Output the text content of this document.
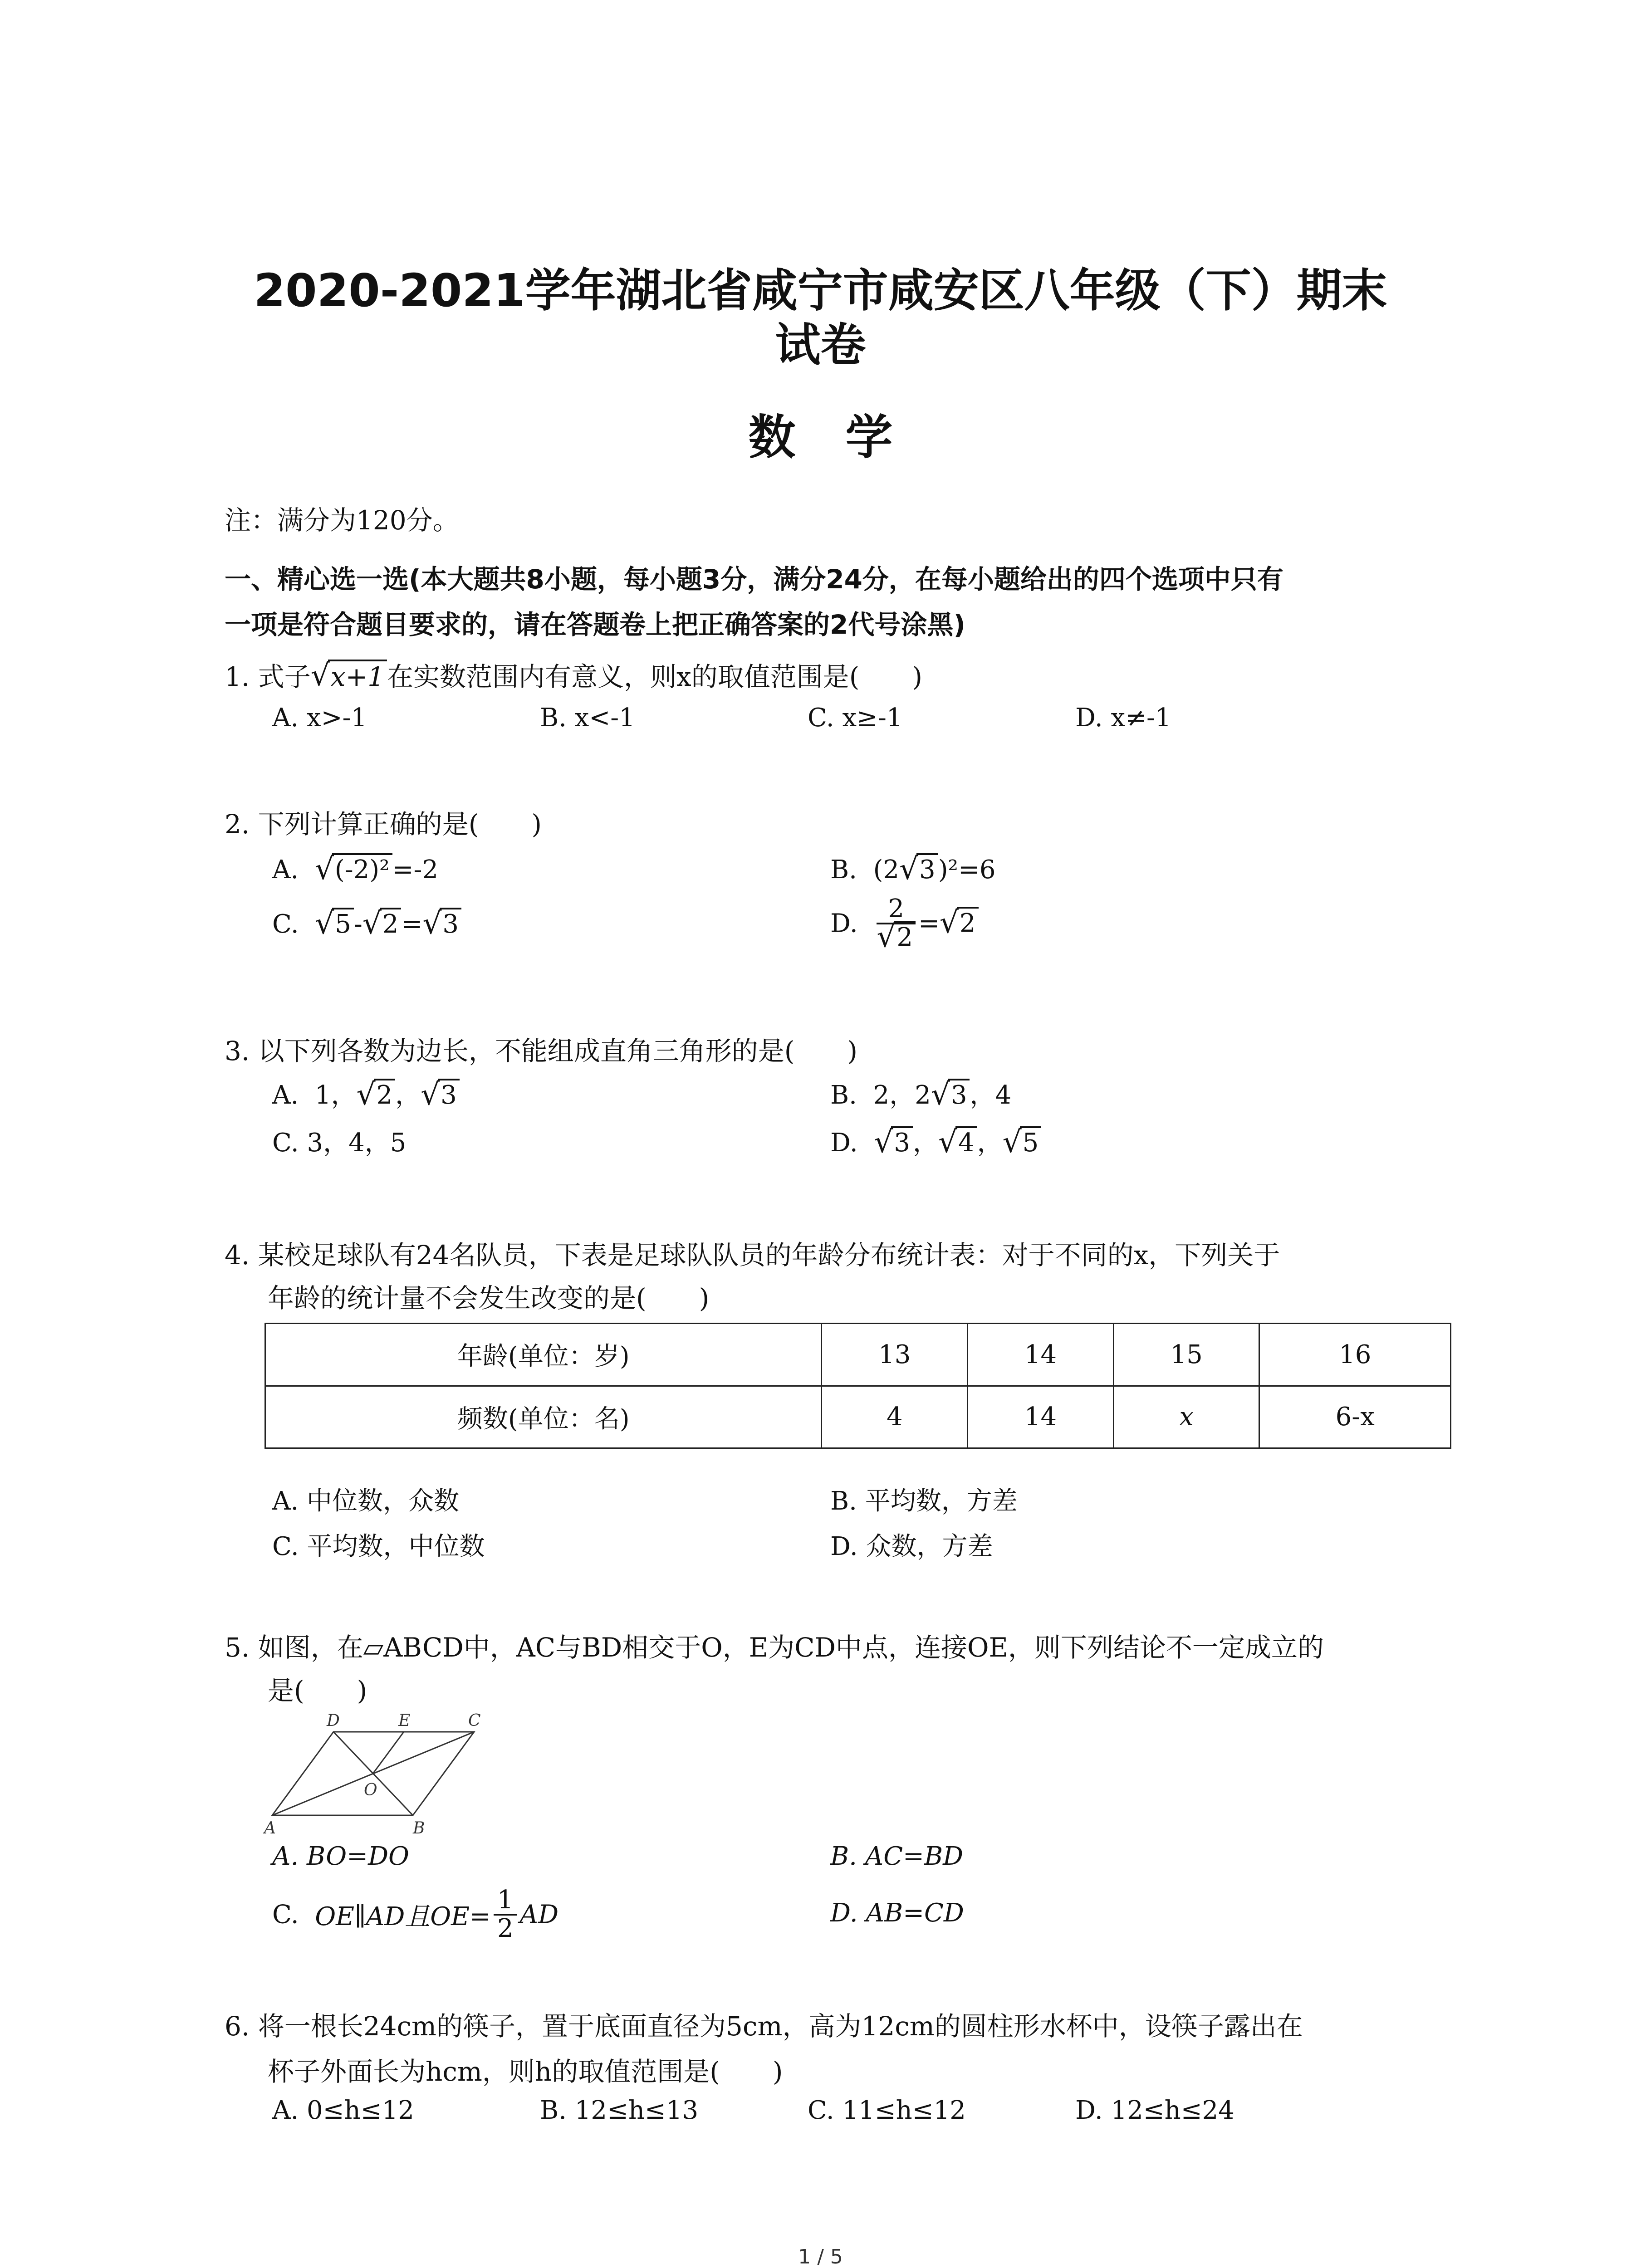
2020-2021学年湖北省咸宁市咸安区八年级（下）期末
试卷
数学
注：满分为120分。
一、精心选一选(本大题共8小题，每小题3分，满分24分，在每小题给出的四个选项中只有
一项是符合题目要求的，请在答题卷上把正确答案的2代号涂黑)
1. 式子 √ x+1 在实数范围内有意义，则x的取值范围是(　　)
A. x>-1	B. x<-1	C. x≥-1	D. x≠-1
2. 下列计算正确的是(　　)
A. √ (-2)² =-2	B. (2 √ 3 )²=6
C. √ 5 - √ 2 = √ 3	D. 2
√ 2 = √ 2
3. 以下列各数为边长，不能组成直角三角形的是(　　)
A. 1， √ 2 ， √ 3	B. 2，2 √ 3 ，4
C. 3，4，5	D. √ 3 ， √ 4 ， √ 5
4. 某校足球队有24名队员，下表是足球队队员的年龄分布统计表：对于不同的x，下列关于
年龄的统计量不会发生改变的是(　　)
年龄(单位：岁)	13	14	15	16
频数(单位：名)	4	14	x	6-x
A. 中位数，众数	B. 平均数，方差
C. 平均数，中位数	D. 众数，方差
5. 如图，在▱ABCD中，AC与BD相交于O，E为CD中点，连接OE，则下列结论不一定成立的
是(　　)
A	B
C
D	E
O
A. BO=DO	B. AC=BD
C. OE∥AD且$OE= \frac{1}{2}$ AD	D. AB=CD
6. 将一根长24cm的筷子，置于底面直径为5cm，高为12cm的圆柱形水杯中，设筷子露出在
杯子外面长为hcm，则h的取值范围是(　　)
A. 0≤h≤12	B. 12≤h≤13	C. 11≤h≤12	D. 12≤h≤24
1 / 5
